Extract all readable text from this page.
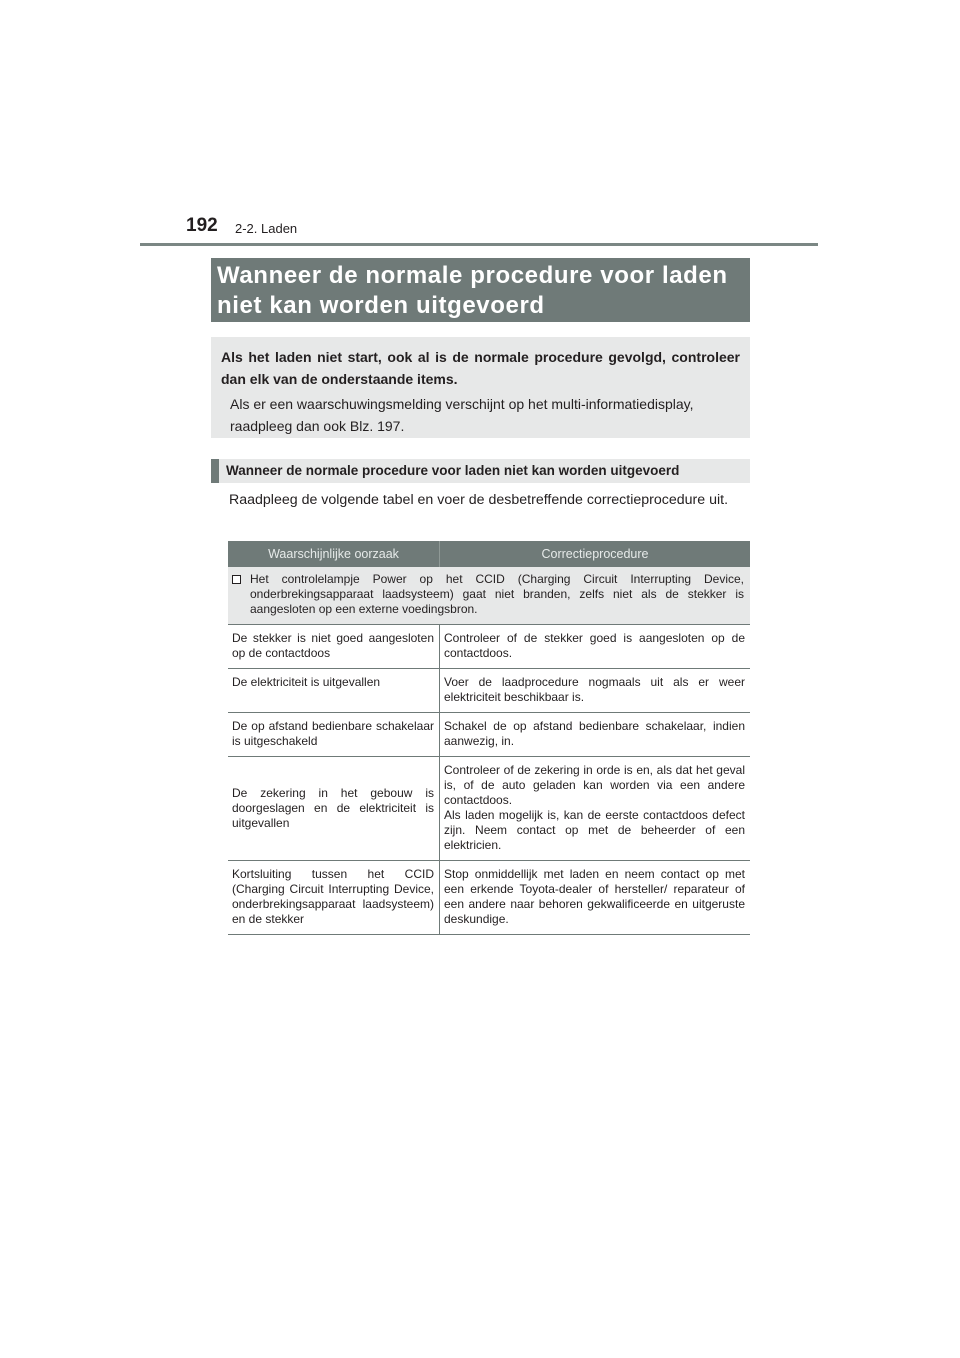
192 2-2. Laden
Wanneer de normale procedure voor laden
niet kan worden uitgevoerd
Als het laden niet start, ook al is de normale procedure gevolgd, controleer dan elk van de onderstaande items.
Als er een waarschuwingsmelding verschijnt op het multi-informatiedisplay, raadpleeg dan ook Blz. 197.
Wanneer de normale procedure voor laden niet kan worden uitgevoerd
Raadpleeg de volgende tabel en voer de desbetreffende correctieprocedure uit.
Waarschijnlijke oorzaak	Correctieprocedure

Het controlelampje Power op het CCID (Charging Circuit Interrupting Device, onderbrekingsapparaat laadsysteem) gaat niet branden, zelfs niet als de stekker is aangesloten op een externe voedingsbron.	

De stekker is niet goed aangesloten op de contactdoos	Controleer of de stekker goed is aangesloten op de contactdoos.
De elektriciteit is uitgevallen	Voer de laadprocedure nogmaals uit als er weer elektriciteit beschikbaar is.
De op afstand bedienbare schakelaar is uitgeschakeld	Schakel de op afstand bedienbare schakelaar, indien aanwezig, in.
De zekering in het gebouw is doorgeslagen en de elektriciteit is uitgevallen	Controleer of de zekering in orde is en, als dat het geval is, of de auto geladen kan worden via een andere contactdoos.
Als laden mogelijk is, kan de eerste contactdoos defect zijn. Neem contact op met de beheerder of een elektricien.
Kortsluiting tussen het CCID (Charging Circuit Interrupting Device, onderbrekingsapparaat laadsysteem) en de stekker	Stop onmiddellijk met laden en neem contact op met een erkende Toyota-dealer of hersteller/ reparateur of een andere naar behoren gekwalificeerde en uitgeruste deskundige.
